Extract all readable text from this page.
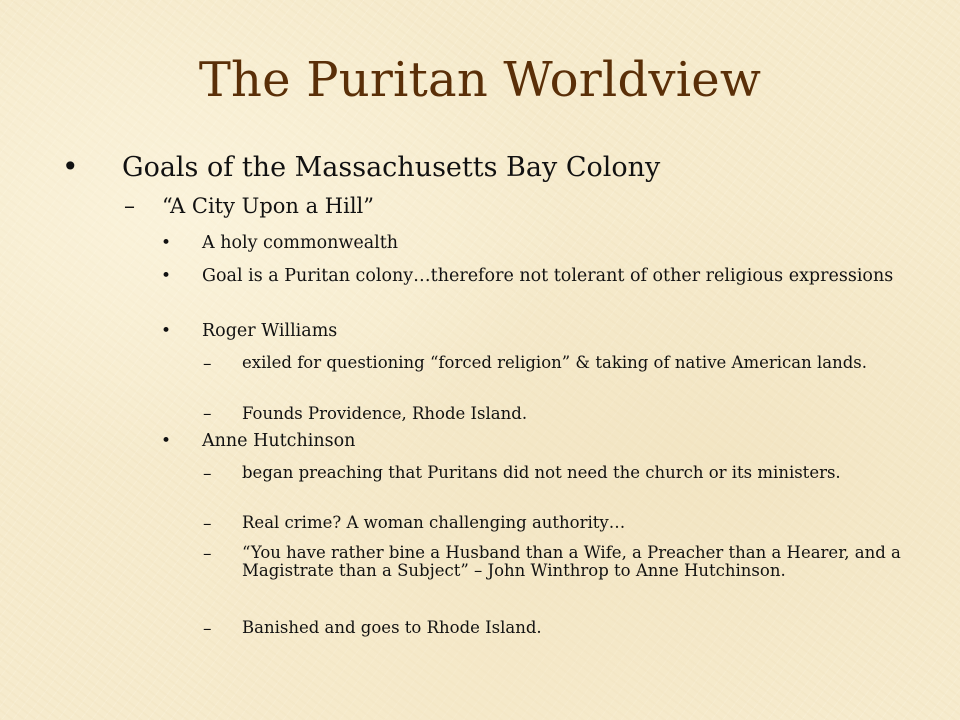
The Puritan Worldview
• Goals of the Massachusetts Bay Colony
– “A City Upon a Hill”
• A holy commonwealth
• Goal is a Puritan colony…therefore not tolerant of other religious expressions
• Roger Williams
– exiled for questioning “forced religion” & taking of native American lands.
– Founds Providence, Rhode Island.
• Anne Hutchinson
– began preaching that Puritans did not need the church or its ministers.
– Real crime? A woman challenging authority…
– “You have rather bine a Husband than a Wife, a Preacher than a Hearer, and a Magistrate than a Subject” – John Winthrop to Anne Hutchinson.
– Banished and goes to Rhode Island.
